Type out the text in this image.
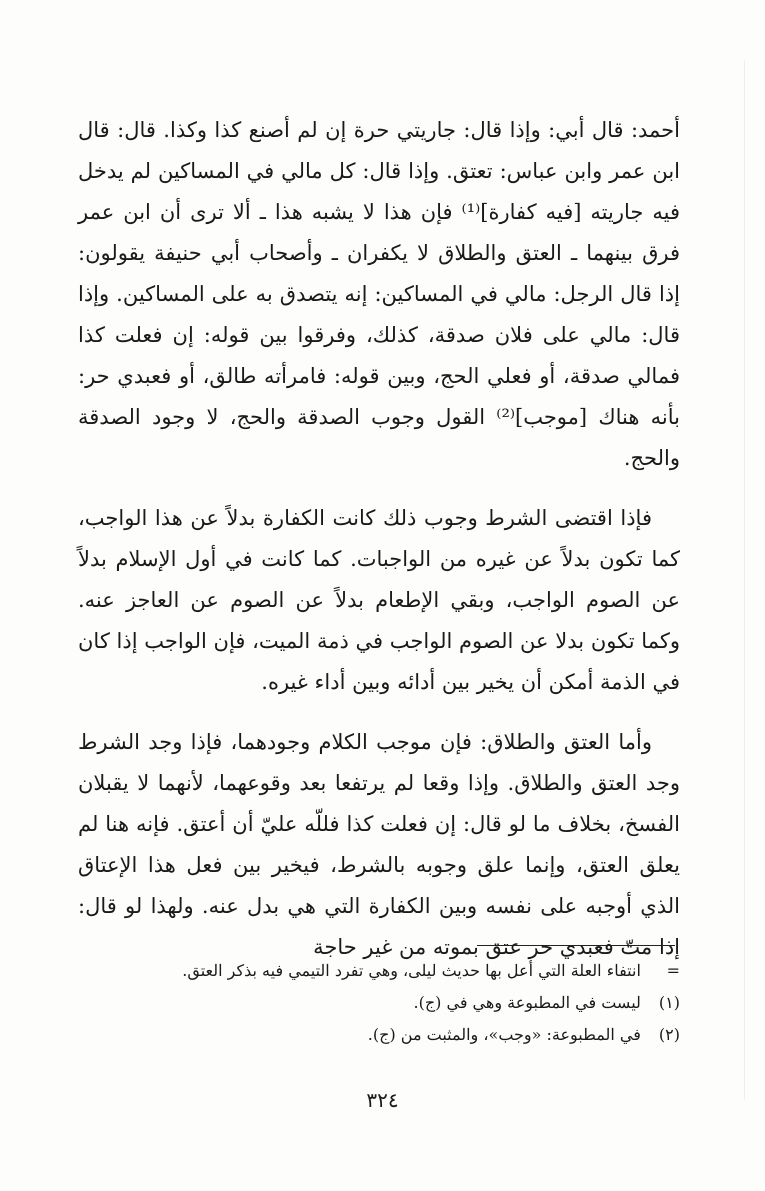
أحمد: قال أبي: وإذا قال: جاريتي حرة إن لم أصنع كذا وكذا. قال: قال ابن عمر وابن عباس: تعتق. وإذا قال: كل مالي في المساكين لم يدخل فيه جاريته [فيه كفارة]⁽¹⁾ فإن هذا لا يشبه هذا ـ ألا ترى أن ابن عمر فرق بينهما ـ العتق والطلاق لا يكفران ـ وأصحاب أبي حنيفة يقولون: إذا قال الرجل: مالي في المساكين: إنه يتصدق به على المساكين. وإذا قال: مالي على فلان صدقة، كذلك، وفرقوا بين قوله: إن فعلت كذا فمالي صدقة، أو فعلي الحج، وبين قوله: فامرأته طالق، أو فعبدي حر: بأنه هناك [موجب]⁽²⁾ القول وجوب الصدقة والحج، لا وجود الصدقة والحج.

فإذا اقتضى الشرط وجوب ذلك كانت الكفارة بدلاً عن هذا الواجب، كما تكون بدلاً عن غيره من الواجبات. كما كانت في أول الإسلام بدلاً عن الصوم الواجب، وبقي الإطعام بدلاً عن الصوم عن العاجز عنه. وكما تكون بدلا عن الصوم الواجب في ذمة الميت، فإن الواجب إذا كان في الذمة أمكن أن يخير بين أدائه وبين أداء غيره.

وأما العتق والطلاق: فإن موجب الكلام وجودهما، فإذا وجد الشرط وجد العتق والطلاق. وإذا وقعا لم يرتفعا بعد وقوعهما، لأنهما لا يقبلان الفسخ، بخلاف ما لو قال: إن فعلت كذا فللّه عليّ أن أعتق. فإنه هنا لم يعلق العتق، وإنما علق وجوبه بالشرط، فيخير بين فعل هذا الإعتاق الذي أوجبه على نفسه وبين الكفارة التي هي بدل عنه. ولهذا لو قال: إذا متّ فعبدي حر عتق بموته من غير حاجة

= انتفاء العلة التي أعل بها حديث ليلى، وهي تفرد التيمي فيه بذكر العتق.

(١) ليست في المطبوعة وهي في (ج).

(٢) في المطبوعة: «وجب»، والمثبت من (ج).

٣٢٤
